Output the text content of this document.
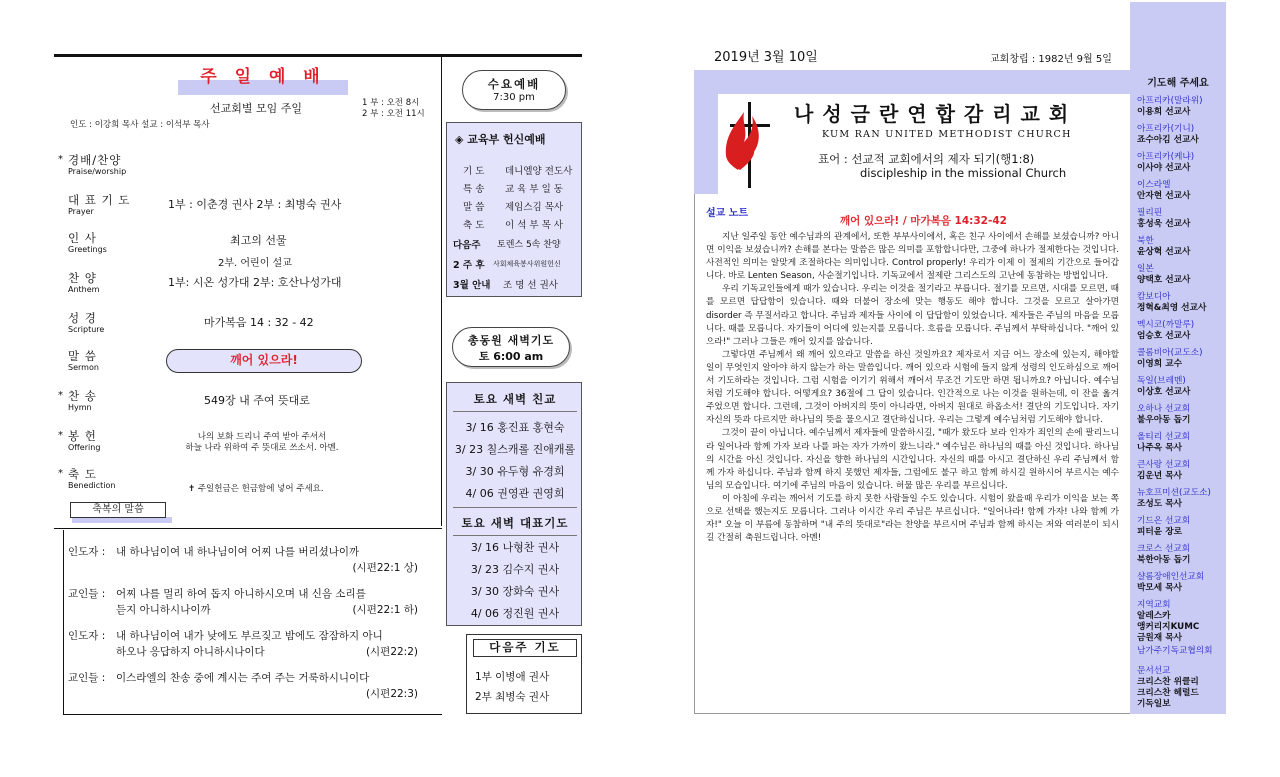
주 일 예 배
선교회별 모임 주일	1 부 : 오전 8시
2 부 : 오전 11시
인도 : 이강희 목사 설교 : 이석부 목사
* 경배/찬양
Praise/worship
대 표 기 도
Prayer
1부 : 이춘경 권사 2부 : 최병숙 권사
인 사
Greetings
최고의 선물
2부. 어린이 설교
찬 양
Anthem
1부: 시온 성가대 2부: 호산나성가대
성 경
Scripture
마가복음 14 : 32 - 42
말 씀
Sermon
깨어 있으라!
* 찬 송
Hymn
549장 내 주여 뜻대로
* 봉 헌
Offering
나의 보화 드리니 주여 받아 주셔서
하늘 나라 위하여 주 뜻대로 쓰소서. 아멘.
* 축 도
Benediction	✝ 주일헌금은 헌금함에 넣어 주세요.
축복의 말씀
인도자 : 내 하나님이여 내 하나님이여 어찌 나를 버리셨나이까
(시편22:1 상)
교인들 : 어찌 나를 멀리 하여 돕지 아니하시오며 내 신음 소리를
듣지 아니하시나이까	(시편22:1 하)
인도자 : 내 하나님이여 내가 낮에도 부르짖고 밤에도 잠잠하지 아니
하오나 응답하지 아니하시나이다	(시편22:2)
교인들 : 이스라엘의 찬송 중에 계시는 주여 주는 거룩하시니이다
(시편22:3)
수요예배
7:30 pm
◈ 교육부 헌신예배
기 도 데니엘양 전도사
특 송 교 육 부 일 동
말 씀 제임스김 목사
축 도 이 석 부 목 사
다음주 토렌스 5속 찬양
2 주 후 사회체육봉사위원헌신
3월 안내 조 명 선 권사
총동원 새벽기도
토 6:00 am
토요 새벽 친교
3/ 16 홍진표 홍현숙
3/ 23 칠스캐롤 진애캐롤
3/ 30 유두형 유경희
4/ 06 권영관 권영희
토요 새벽 대표기도
3/ 16 나형찬 권사
3/ 23 김수지 권사
3/ 30 장화숙 권사
4/ 06 정진원 권사
다음주 기도
1부 이병애 권사
2부 최병숙 권사
2019년 3월 10일	교회창립 : 1982년 9월 5일
나성금란연합감리교회
KUM RAN UNITED METHODIST CHURCH
표어 : 선교적 교회에서의 제자 되기(행1:8)
discipleship in the missional Church
설교 노트
깨어 있으라! / 마가복음 14:32-42

지난 일주일 동안 예수님과의 관계에서, 또한 부부사이에서, 혹은 친구 사이에서 손해를 보셨습니까? 아니면 이익을 보셨습니까? 손해를 본다는 말씀은 많은 의미를 포함합니다만, 그중에 하나가 절제한다는 것입니다. 사전적인 의미는 알맞게 조절하다는 의미입니다. Control properly! 우리가 이제 이 절제의 기간으로 들어갑니다. 바로 Lenten Season, 사순절기입니다. 기독교에서 절제란 그리스도의 고난에 동참하는 방법입니다.

우리 기독교인들에게 때가 있습니다. 우리는 이것을 절기라고 부릅니다. 절기를 모르면, 시대를 모르면, 때를 모르면 답답함이 있습니다. 때와 더불어 장소에 맞는 행동도 해야 합니다. 그것을 모르고 살아가면 disorder 즉 무질서라고 합니다. 주님과 제자들 사이에 이 답답함이 있었습니다. 제자들은 주님의 마음을 모릅니다. 때를 모릅니다. 자기들이 어디에 있는지를 모릅니다. 흐름을 모릅니다. 주님께서 부탁하십니다. "깨어 있으라!" 그러나 그들은 깨어 있지를 않습니다.

그렇다면 주님께서 왜 깨어 있으라고 말씀을 하신 것일까요? 제자로서 지금 어느 장소에 있는지, 해야할 일이 무엇인지 알아야 하지 않는가 하는 말씀입니다. 깨어 있으라 시험에 들지 않게 성령의 인도하심으로 깨어서 기도하라는 것입니다. 그럼 시험을 이기기 위해서 깨어서 무조건 기도만 하면 됩니까요? 아닙니다. 예수님처럼 기도해야 합니다. 어떻게요? 36절에 그 답이 있습니다. 인간적으로 나는 이것을 원하는데, 이 잔을 옮겨주었으면 합니다. 그런데, 그것이 아버지의 뜻이 아니라면, 아버지 원대로 하옵소서! 결단의 기도입니다. 자기 자신의 뜻과 다르지만 하나님의 뜻을 물으시고 결단하십니다. 우리는 그렇게 예수님처럼 기도해야 합니다.

그것이 끝이 아닙니다. 예수님께서 제자들에 말씀하시길, "때가 왔도다 보라 인자가 죄인의 손에 팔리느니라 일어나라 함께 가자 보라 나를 파는 자가 가까이 왔느니라." 예수님은 하나님의 때를 아신 것입니다. 하나님의 시간을 아신 것입니다. 자신을 향한 하나님의 시간입니다. 자신의 때를 아시고 결단하신 우리 주님께서 함께 가자 하십니다. 주님과 함께 하지 못했던 제자들, 그럼에도 불구 하고 함께 하시길 원하시어 부르시는 예수님의 모습입니다. 여기에 주님의 마음이 있습니다. 허물 많은 우리를 부르십니다.

이 아침에 우리는 깨어서 기도를 하지 못한 사람들일 수도 있습니다. 시험이 왔을때 우리가 이익을 보는 쪽으로 선택을 했는지도 모릅니다. 그러나 이시간 우리 주님은 부르십니다. "일어나라! 함께 가자! 나와 함께 가자!" 오늘 이 부름에 동참하며 "내 주의 뜻대로"라는 찬양을 부르시며 주님과 함께 하시는 저와 여러분이 되시길 간절히 축원드립니다. 아멘!

기도해 주세요
아프리카(말라위)
이용희 선교사
아프리카(기니)
죠수아김 선교사
아프리카(케냐)
이사야 선교사
이스라엘
안자현 선교사
필리핀
홍성욱 선교사
북한
윤상혁 선교사
일본
양택호 선교사
캄보디아
정혁&최영 선교사
멕시코(까말루)
엄승호 선교사
콜롬비아(교도소)
이영희 교수
독일(브레멘)
이상호 선교사
오하나 선교회
불우아동 돕기
올티리 선교회
나주옥 목사
큰사랑 선교회
김운년 목사
뉴호프미션(교도소)
조성도 목사
기드온 선교회
피터윤 장로
크로스 선교회
북한아동 돕기
샬롬장애인선교회
박모세 목사
지역교회
알레스카
앵커리지KUMC
금원재 목사
남가주기독교협의회
문서선교
크리스찬 위클리
크리스찬 헤럴드
기독일보
